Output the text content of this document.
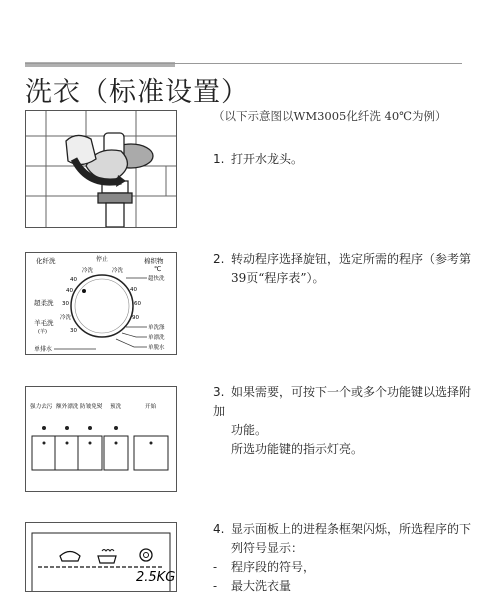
洗衣（标准设置）
（以下示意图以WM3005化纤洗 40℃为例）
1. 打开水龙头。
化纤洗	停止	棉织物
℃
冷洗
40
40
30
冷洗
30
冷洗
40
60
90
超柔洗
羊毛洗
(羊)
单排水
超快洗
单洗涤
单漂洗
单脱水
2. 转动程序选择旋钮，选定所需的程序（参考第
39页“程序表”）。
强力去污 额外漂洗 防皱免熨 预洗	开始
3. 如果需要，可按下一个或多个功能键以选择附加
功能。
所选功能键的指示灯亮。
2.5KG
4. 显示面板上的进程条框架闪烁，所选程序的下
列符号显示：
- 程序段的符号，
- 最大洗衣量
